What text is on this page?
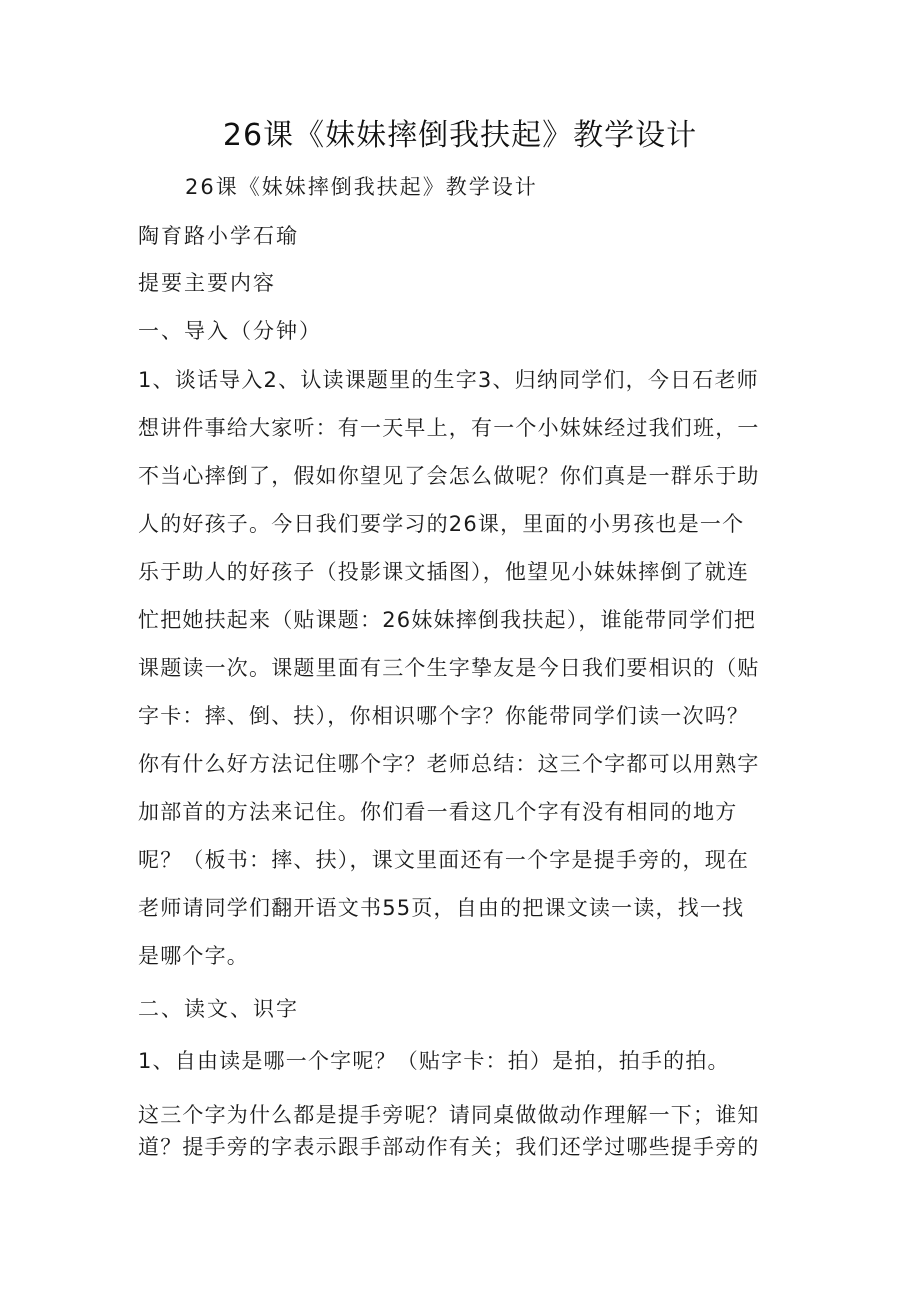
26课《妹妹摔倒我扶起》教学设计
26课《妹妹摔倒我扶起》教学设计
陶育路小学石瑜
提要主要内容
一、导入（分钟）
1、谈话导入2、认读课题里的生字3、归纳同学们，今日石老师
想讲件事给大家听：有一天早上，有一个小妹妹经过我们班，一
不当心摔倒了，假如你望见了会怎么做呢？你们真是一群乐于助
人的好孩子。今日我们要学习的26课，里面的小男孩也是一个
乐于助人的好孩子（投影课文插图），他望见小妹妹摔倒了就连
忙把她扶起来（贴课题：26妹妹摔倒我扶起），谁能带同学们把
课题读一次。课题里面有三个生字挚友是今日我们要相识的（贴
字卡：摔、倒、扶），你相识哪个字？你能带同学们读一次吗？
你有什么好方法记住哪个字？老师总结：这三个字都可以用熟字
加部首的方法来记住。你们看一看这几个字有没有相同的地方
呢？（板书：摔、扶），课文里面还有一个字是提手旁的，现在
老师请同学们翻开语文书55页，自由的把课文读一读，找一找
是哪个字。
二、读文、识字
1、自由读是哪一个字呢？（贴字卡：拍）是拍，拍手的拍。
这三个字为什么都是提手旁呢？请同桌做做动作理解一下；谁知
道？提手旁的字表示跟手部动作有关；我们还学过哪些提手旁的
